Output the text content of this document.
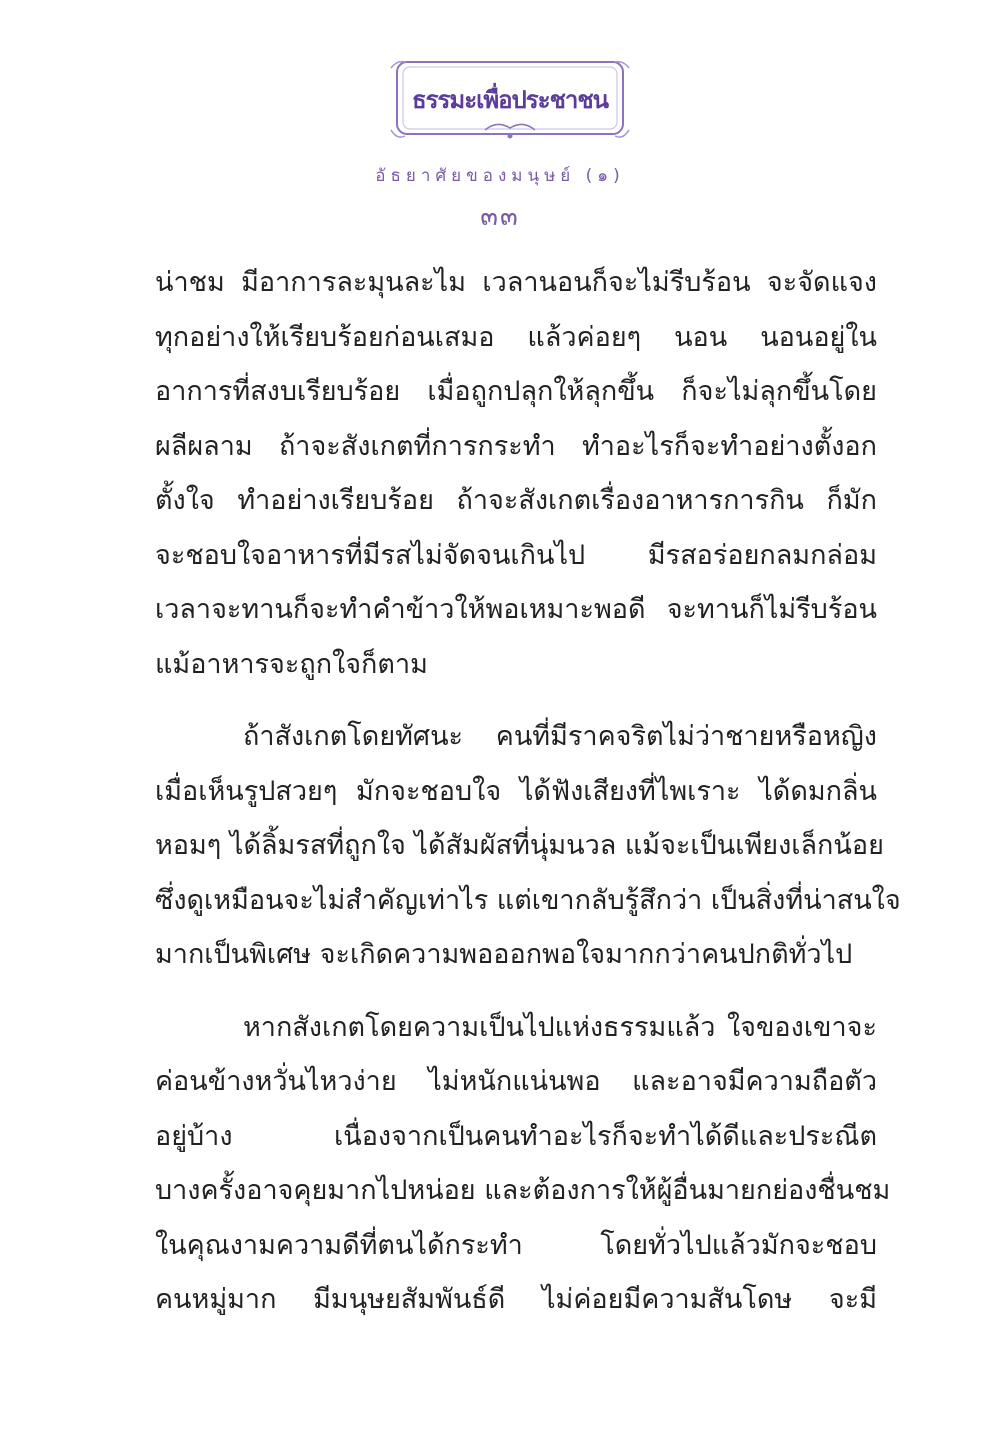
ธรรมะเพื่อประชาชน
อัธยาศัยของมนุษย์ (๑)
๓๓
น่าชม มีอาการละมุนละไม เวลานอนก็จะไม่รีบร้อน จะจัดแจง
ทุกอย่างให้เรียบร้อยก่อนเสมอ แล้วค่อยๆ นอน นอนอยู่ใน
อาการที่สงบเรียบร้อย เมื่อถูกปลุกให้ลุกขึ้น ก็จะไม่ลุกขึ้นโดย
ผลีผลาม ถ้าจะสังเกตที่การกระทำ ทำอะไรก็จะทำอย่างตั้งอก
ตั้งใจ ทำอย่างเรียบร้อย ถ้าจะสังเกตเรื่องอาหารการกิน ก็มัก
จะชอบใจอาหารที่มีรสไม่จัดจนเกินไป มีรสอร่อยกลมกล่อม
เวลาจะทานก็จะทำคำข้าวให้พอเหมาะพอดี จะทานก็ไม่รีบร้อน
แม้อาหารจะถูกใจก็ตาม
ถ้าสังเกตโดยทัศนะ คนที่มีราคจริตไม่ว่าชายหรือหญิง
เมื่อเห็นรูปสวยๆ มักจะชอบใจ ได้ฟังเสียงที่ไพเราะ ได้ดมกลิ่น
หอมๆ ได้ลิ้มรสที่ถูกใจ ได้สัมผัสที่นุ่มนวล แม้จะเป็นเพียงเล็กน้อย
ซึ่งดูเหมือนจะไม่สำคัญเท่าไร แต่เขากลับรู้สึกว่า เป็นสิ่งที่น่าสนใจ
มากเป็นพิเศษ จะเกิดความพอออกพอใจมากกว่าคนปกติทั่วไป
หากสังเกตโดยความเป็นไปแห่งธรรมแล้ว ใจของเขาจะ
ค่อนข้างหวั่นไหวง่าย ไม่หนักแน่นพอ และอาจมีความถือตัว
อยู่บ้าง เนื่องจากเป็นคนทำอะไรก็จะทำได้ดีและประณีต
บางครั้งอาจคุยมากไปหน่อย และต้องการให้ผู้อื่นมายกย่องชื่นชม
ในคุณงามความดีที่ตนได้กระทำ โดยทั่วไปแล้วมักจะชอบ
คนหมู่มาก มีมนุษยสัมพันธ์ดี ไม่ค่อยมีความสันโดษ จะมี
